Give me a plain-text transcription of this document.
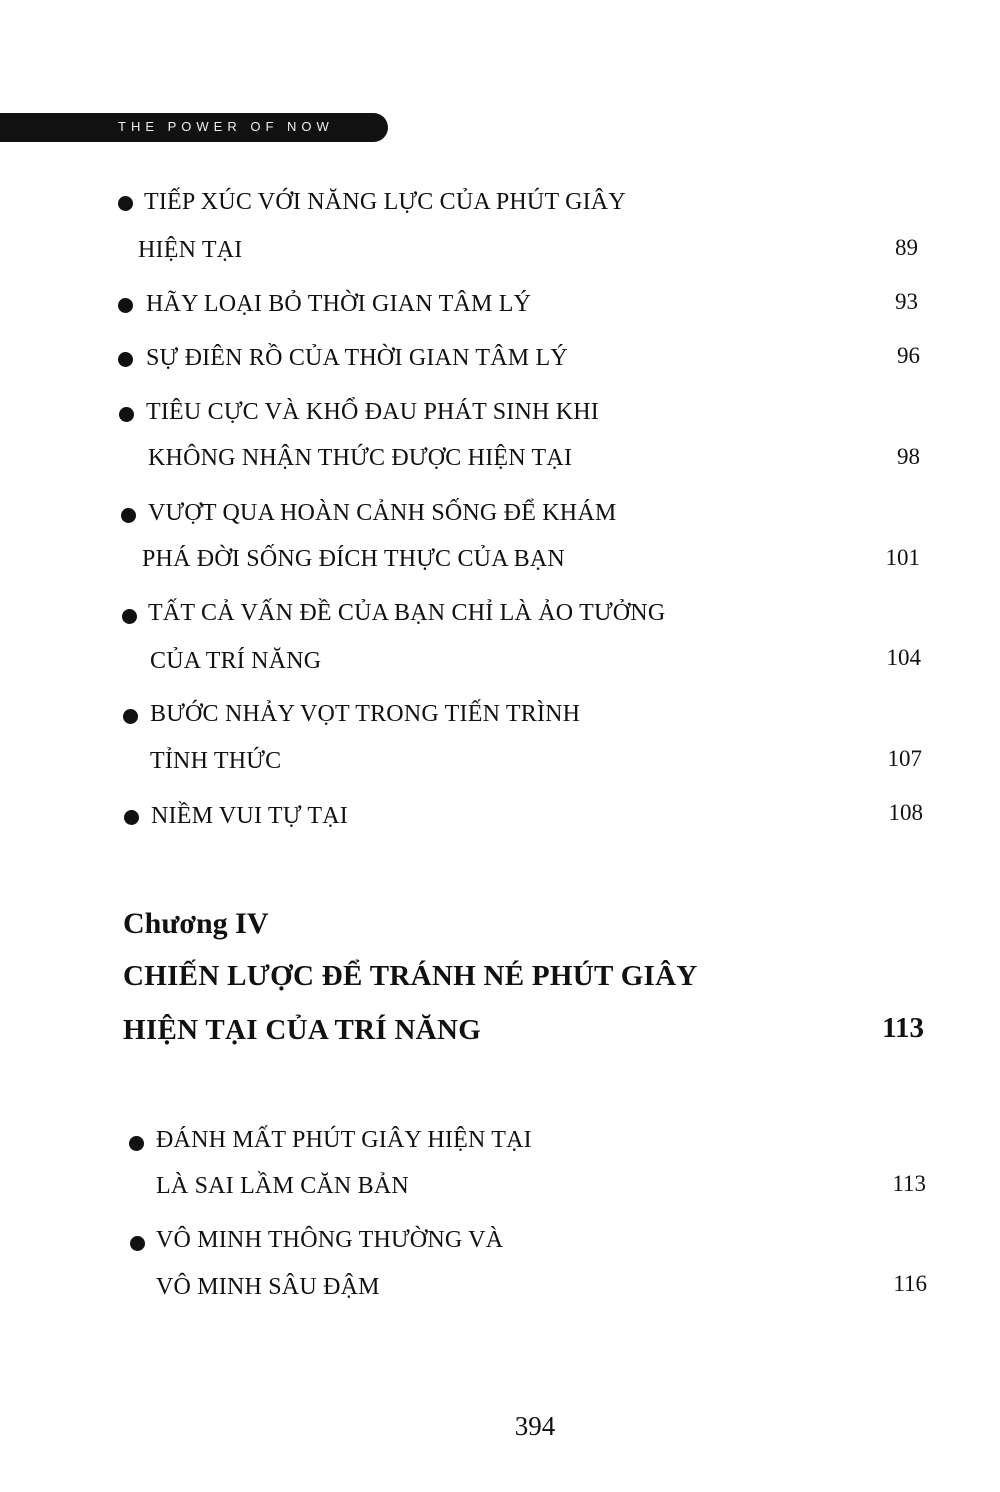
THE POWER OF NOW
TIẾP XÚC VỚI NĂNG LỰC CỦA PHÚT GIÂY
HIỆN TẠI	89
HÃY LOẠI BỎ THỜI GIAN TÂM LÝ	93
SỰ ĐIÊN RỒ CỦA THỜI GIAN TÂM LÝ	96
TIÊU CỰC VÀ KHỔ ĐAU PHÁT SINH KHI
KHÔNG NHẬN THỨC ĐƯỢC HIỆN TẠI	98
VƯỢT QUA HOÀN CẢNH SỐNG ĐỂ KHÁM
PHÁ ĐỜI SỐNG ĐÍCH THỰC CỦA BẠN	101
TẤT CẢ VẤN ĐỀ CỦA BẠN CHỈ LÀ ẢO TƯỞNG
CỦA TRÍ NĂNG	104
BƯỚC NHẢY VỌT TRONG TIẾN TRÌNH
TỈNH THỨC	107
NIỀM VUI TỰ TẠI	108
Chương IV
CHIẾN LƯỢC ĐỂ TRÁNH NÉ PHÚT GIÂY
HIỆN TẠI CỦA TRÍ NĂNG	113
ĐÁNH MẤT PHÚT GIÂY HIỆN TẠI
LÀ SAI LẦM CĂN BẢN	113
VÔ MINH THÔNG THƯỜNG VÀ
VÔ MINH SÂU ĐẬM	116
394
